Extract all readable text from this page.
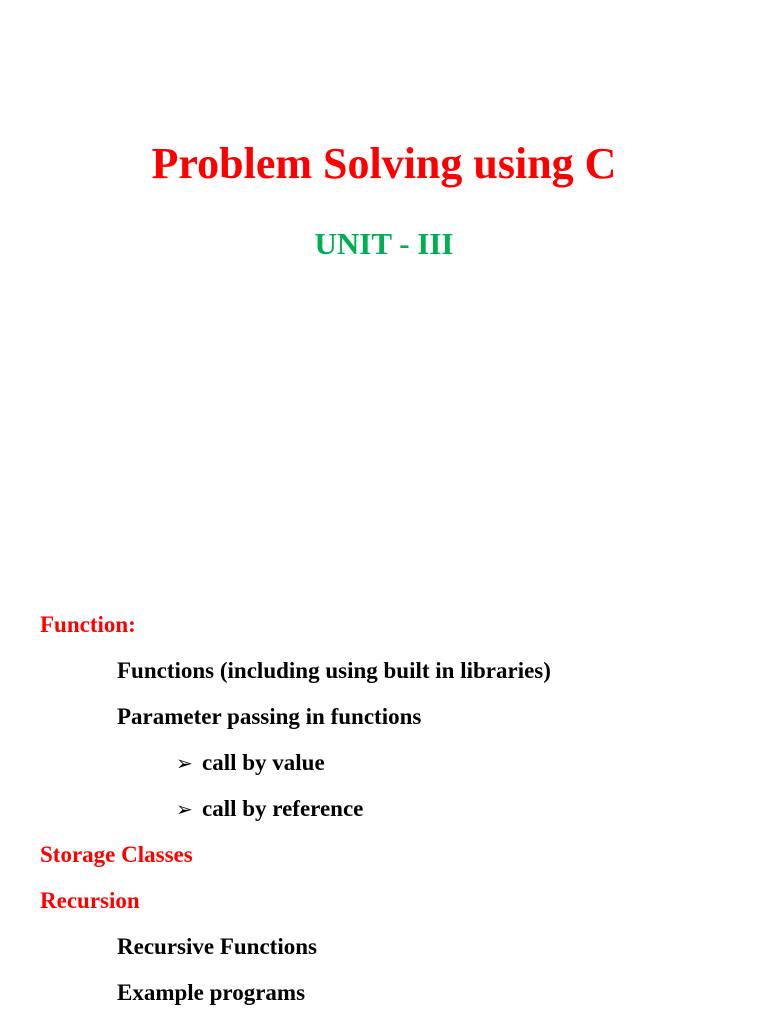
Problem Solving using C
UNIT - III
Function:
Functions (including using built in libraries)
Parameter passing in functions
➢ call by value
➢ call by reference
Storage Classes
Recursion
Recursive Functions
Example programs
